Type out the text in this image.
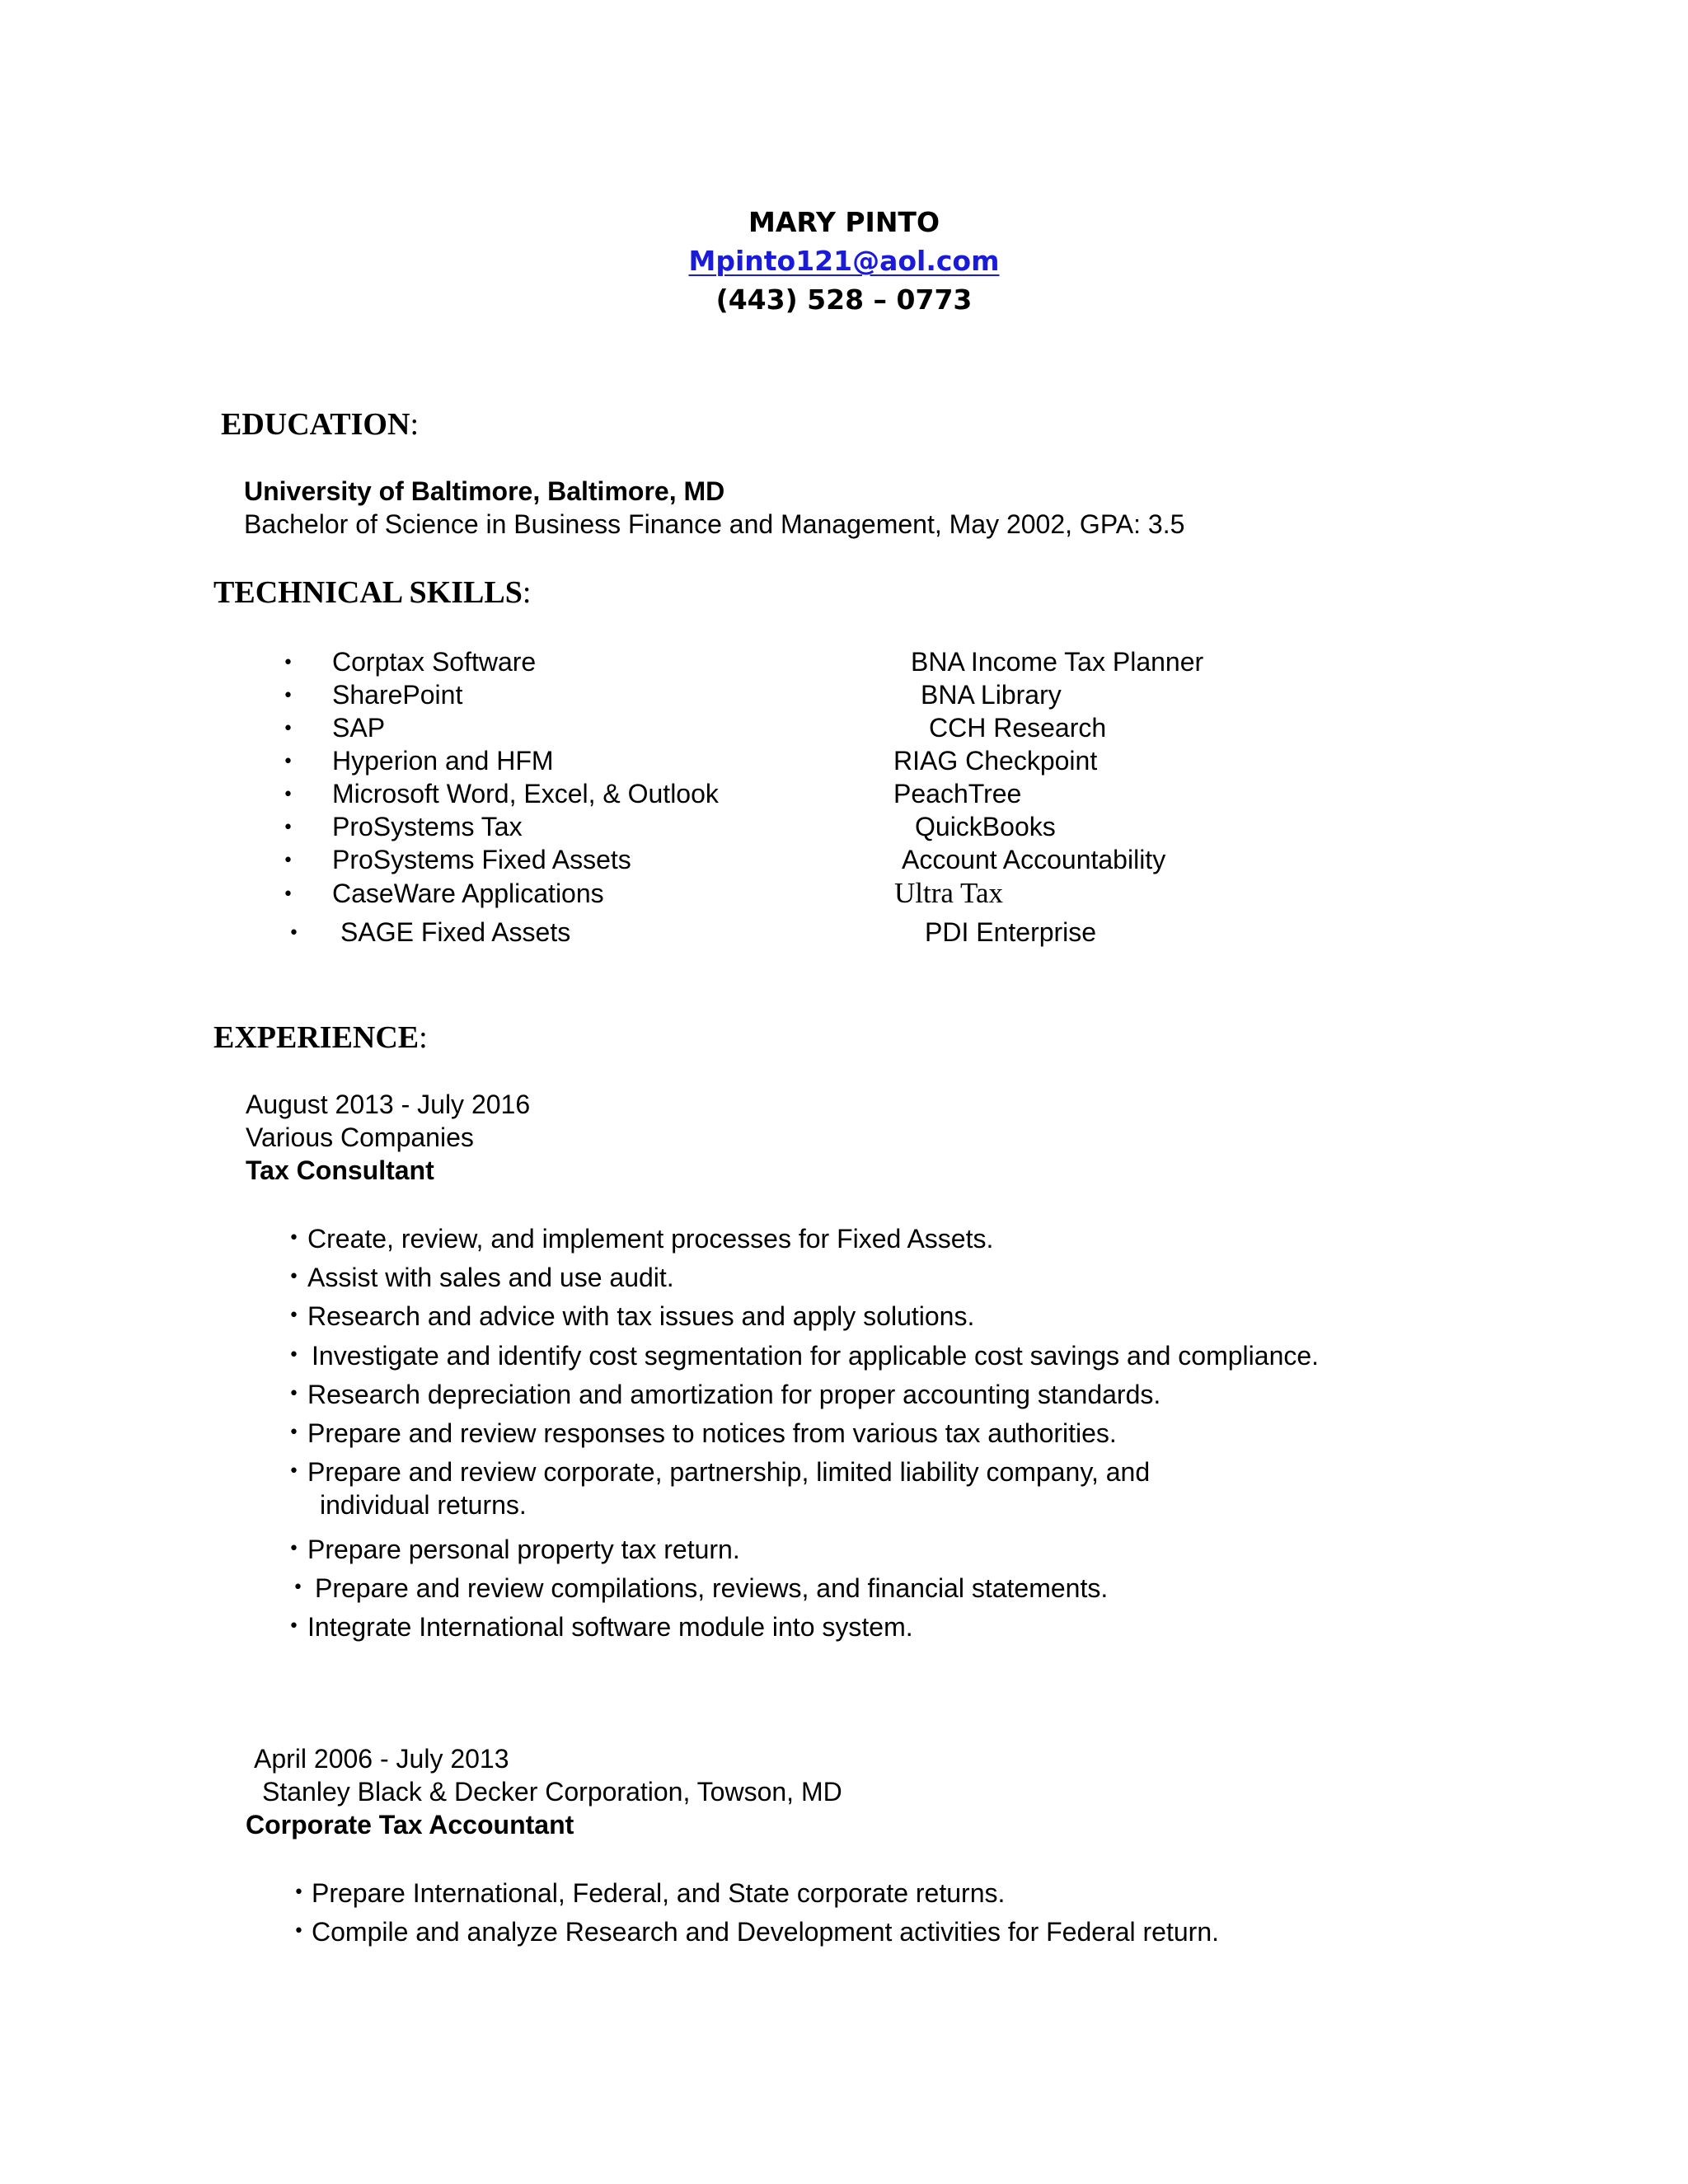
MARY PINTO
Mpinto121@aol.com
(443) 528 – 0773
EDUCATION:
University of Baltimore, Baltimore, MD
Bachelor of Science in Business Finance and Management, May 2002, GPA: 3.5
TECHNICAL SKILLS:
• Corptax Software
• SharePoint
• SAP
• Hyperion and HFM
• Microsoft Word, Excel, & Outlook
• ProSystems Tax
• ProSystems Fixed Assets
• CaseWare Applications
• SAGE Fixed Assets
BNA Income Tax Planner
BNA Library
CCH Research
RIAG Checkpoint
PeachTree
QuickBooks
Account Accountability
Ultra Tax
PDI Enterprise
EXPERIENCE:
August 2013 - July 2016
Various Companies
Tax Consultant
• Create, review, and implement processes for Fixed Assets.
• Assist with sales and use audit.
• Research and advice with tax issues and apply solutions.
• Investigate and identify cost segmentation for applicable cost savings and compliance.
• Research depreciation and amortization for proper accounting standards.
• Prepare and review responses to notices from various tax authorities.
• Prepare and review corporate, partnership, limited liability company, and
individual returns.
• Prepare personal property tax return.
• Prepare and review compilations, reviews, and financial statements.
• Integrate International software module into system.
April 2006 - July 2013
Stanley Black & Decker Corporation, Towson, MD
Corporate Tax Accountant
• Prepare International, Federal, and State corporate returns.
• Compile and analyze Research and Development activities for Federal return.
